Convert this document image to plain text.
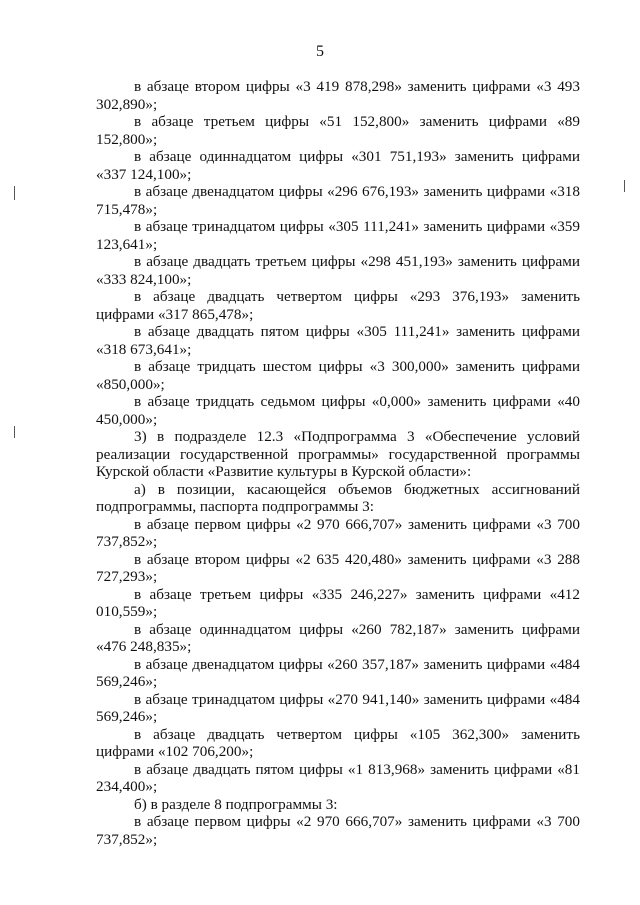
5

в абзаце втором цифры «3 419 878,298» заменить цифрами «3 493 302,890»;

в абзаце третьем цифры «51 152,800» заменить цифрами «89 152,800»;

в абзаце одиннадцатом цифры «301 751,193» заменить цифрами «337 124,100»;

в абзаце двенадцатом цифры «296 676,193» заменить цифрами «318 715,478»;

в абзаце тринадцатом цифры «305 111,241» заменить цифрами «359 123,641»;

в абзаце двадцать третьем цифры «298 451,193» заменить цифрами «333 824,100»;

в абзаце двадцать четвертом цифры «293 376,193» заменить цифрами «317 865,478»;

в абзаце двадцать пятом цифры «305 111,241» заменить цифрами «318 673,641»;

в абзаце тридцать шестом цифры «3 300,000» заменить цифрами «850,000»;

в абзаце тридцать седьмом цифры «0,000» заменить цифрами «40 450,000»;

3) в подразделе 12.3 «Подпрограмма 3 «Обеспечение условий реализации государственной программы» государственной программы Курской области «Развитие культуры в Курской области»:

а) в позиции, касающейся объемов бюджетных ассигнований подпрограммы, паспорта подпрограммы 3:

в абзаце первом цифры «2 970 666,707» заменить цифрами «3 700 737,852»;

в абзаце втором цифры «2 635 420,480» заменить цифрами «3 288 727,293»;

в абзаце третьем цифры «335 246,227» заменить цифрами «412 010,559»;

в абзаце одиннадцатом цифры «260 782,187» заменить цифрами «476 248,835»;

в абзаце двенадцатом цифры «260 357,187» заменить цифрами «484 569,246»;

в абзаце тринадцатом цифры «270 941,140» заменить цифрами «484 569,246»;

в абзаце двадцать четвертом цифры «105 362,300» заменить цифрами «102 706,200»;

в абзаце двадцать пятом цифры «1 813,968» заменить цифрами «81 234,400»;

б) в разделе 8 подпрограммы 3:

в абзаце первом цифры «2 970 666,707» заменить цифрами «3 700 737,852»;
